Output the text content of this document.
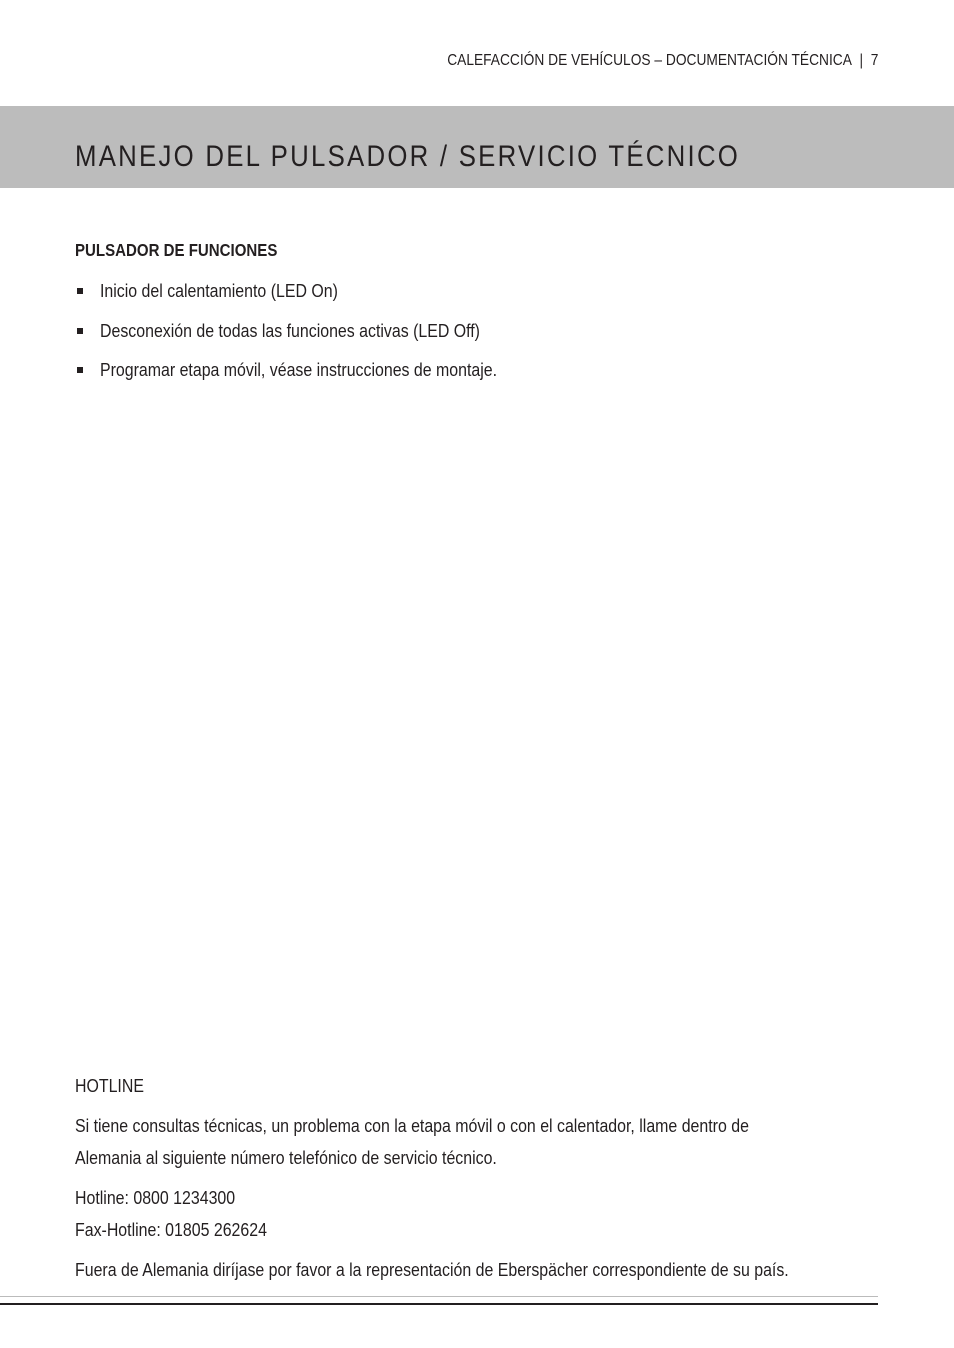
CALEFACCIÓN DE VEHÍCULOS – DOCUMENTACIÓN TÉCNICA | 7
MANEJO DEL PULSADOR / SERVICIO TÉCNICO
PULSADOR DE FUNCIONES
Inicio del calentamiento (LED On)
Desconexión de todas las funciones activas (LED Off)
Programar etapa móvil, véase instrucciones de montaje.

HOTLINE

Si tiene consultas técnicas, un problema con la etapa móvil o con el calentador, llame dentro de
Alemania al siguiente número telefónico de servicio técnico.

Hotline: 0800 1234300
Fax-Hotline: 01805 262624

Fuera de Alemania diríjase por favor a la representación de Eberspächer correspondiente de su país.
